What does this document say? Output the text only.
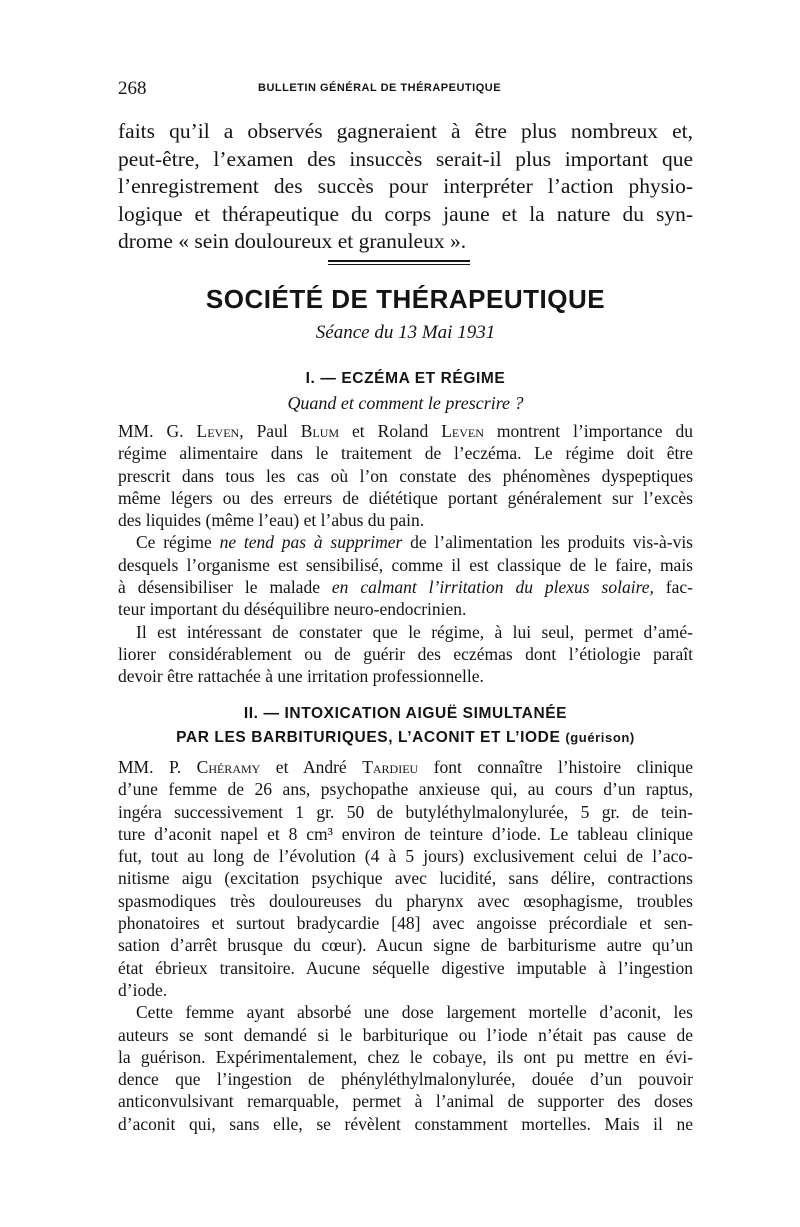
268	BULLETIN GÉNÉRAL DE THÉRAPEUTIQUE
faits qu’il a observés gagneraient à être plus nombreux et,
peut-être, l’examen des insuccès serait-il plus important que
l’enregistrement des succès pour interpréter l’action physio-
logique et thérapeutique du corps jaune et la nature du syn-
drome « sein douloureux et granuleux ».
SOCIÉTÉ DE THÉRAPEUTIQUE
Séance du 13 Mai 1931
I. — ECZÉMA ET RÉGIME
Quand et comment le prescrire ?
MM. G. Leven, Paul Blum et Roland Leven montrent l’importance du
régime alimentaire dans le traitement de l’eczéma. Le régime doit être
prescrit dans tous les cas où l’on constate des phénomènes dyspeptiques
même légers ou des erreurs de diététique portant généralement sur l’excès
des liquides (même l’eau) et l’abus du pain.
Ce régime ne tend pas à supprimer de l’alimentation les produits vis-à-vis
desquels l’organisme est sensibilisé, comme il est classique de le faire, mais
à désensibiliser le malade en calmant l’irritation du plexus solaire, fac-
teur important du déséquilibre neuro-endocrinien.
Il est intéressant de constater que le régime, à lui seul, permet d’amé-
liorer considérablement ou de guérir des eczémas dont l’étiologie paraît
devoir être rattachée à une irritation professionnelle.
II. — INTOXICATION AIGUË SIMULTANÉE
PAR LES BARBITURIQUES, L’ACONIT ET L’IODE (guérison)
MM. P. Chéramy et André Tardieu font connaître l’histoire clinique
d’une femme de 26 ans, psychopathe anxieuse qui, au cours d’un raptus,
ingéra successivement 1 gr. 50 de butyléthylmalonylurée, 5 gr. de tein-
ture d’aconit napel et 8 cm³ environ de teinture d’iode. Le tableau clinique
fut, tout au long de l’évolution (4 à 5 jours) exclusivement celui de l’aco-
nitisme aigu (excitation psychique avec lucidité, sans délire, contractions
spasmodiques très douloureuses du pharynx avec œsophagisme, troubles
phonatoires et surtout bradycardie [48] avec angoisse précordiale et sen-
sation d’arrêt brusque du cœur). Aucun signe de barbiturisme autre qu’un
état ébrieux transitoire. Aucune séquelle digestive imputable à l’ingestion
d’iode.
Cette femme ayant absorbé une dose largement mortelle d’aconit, les
auteurs se sont demandé si le barbiturique ou l’iode n’était pas cause de
la guérison. Expérimentalement, chez le cobaye, ils ont pu mettre en évi-
dence que l’ingestion de phényléthylmalonylurée, douée d’un pouvoir
anticonvulsivant remarquable, permet à l’animal de supporter des doses
d’aconit qui, sans elle, se révèlent constamment mortelles. Mais il ne
